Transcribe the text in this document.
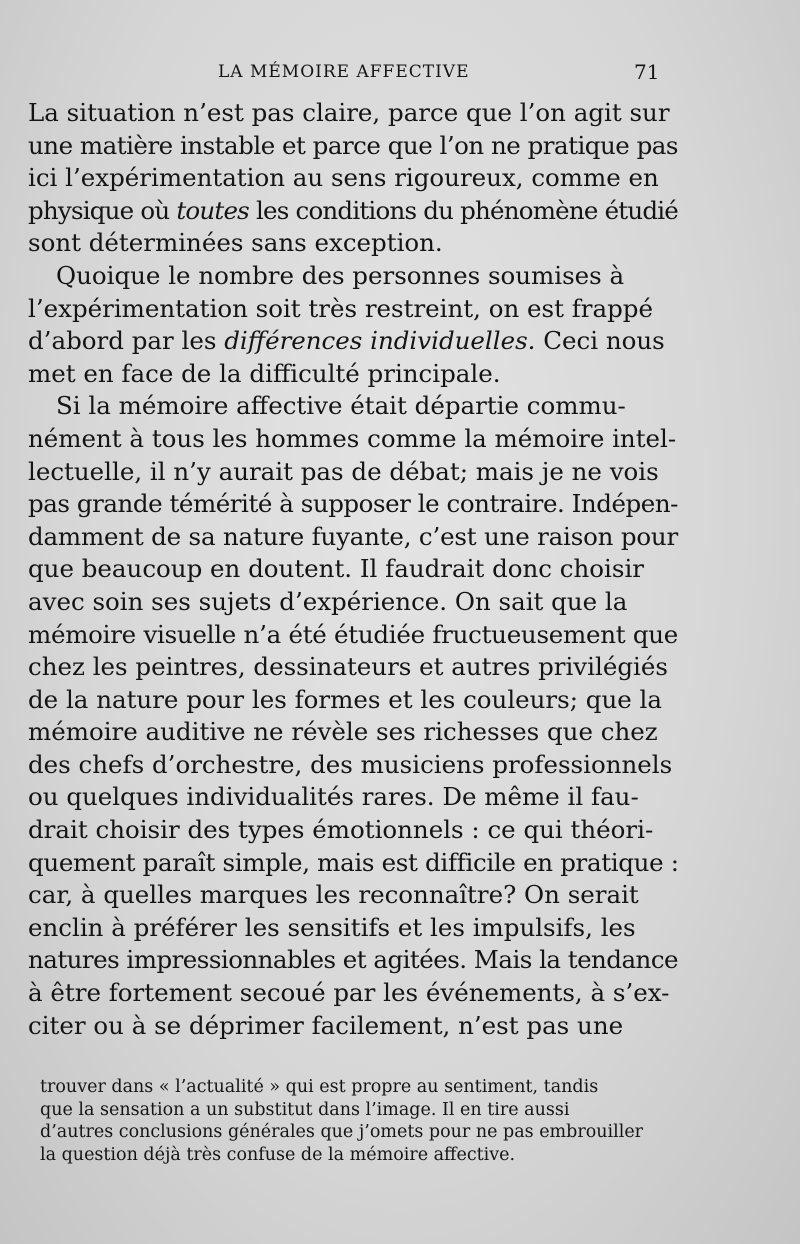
LA MÉMOIRE AFFECTIVE	71
La situation n’est pas claire, parce que l’on agit sur
une matière instable et parce que l’on ne pratique pas
ici l’expérimentation au sens rigoureux, comme en
physique où toutes les conditions du phénomène étudié
sont déterminées sans exception.
Quoique le nombre des personnes soumises à
l’expérimentation soit très restreint, on est frappé
d’abord par les différences individuelles. Ceci nous
met en face de la difficulté principale.
Si la mémoire affective était départie commu-
nément à tous les hommes comme la mémoire intel-
lectuelle, il n’y aurait pas de débat; mais je ne vois
pas grande témérité à supposer le contraire. Indépen-
damment de sa nature fuyante, c’est une raison pour
que beaucoup en doutent. Il faudrait donc choisir
avec soin ses sujets d’expérience. On sait que la
mémoire visuelle n’a été étudiée fructueusement que
chez les peintres, dessinateurs et autres privilégiés
de la nature pour les formes et les couleurs; que la
mémoire auditive ne révèle ses richesses que chez
des chefs d’orchestre, des musiciens professionnels
ou quelques individualités rares. De même il fau-
drait choisir des types émotionnels : ce qui théori-
quement paraît simple, mais est difficile en pratique :
car, à quelles marques les reconnaître? On serait
enclin à préférer les sensitifs et les impulsifs, les
natures impressionnables et agitées. Mais la tendance
à être fortement secoué par les événements, à s’ex-
citer ou à se déprimer facilement, n’est pas une
trouver dans « l’actualité » qui est propre au sentiment, tandis
que la sensation a un substitut dans l’image. Il en tire aussi
d’autres conclusions générales que j’omets pour ne pas embrouiller
la question déjà très confuse de la mémoire affective.
